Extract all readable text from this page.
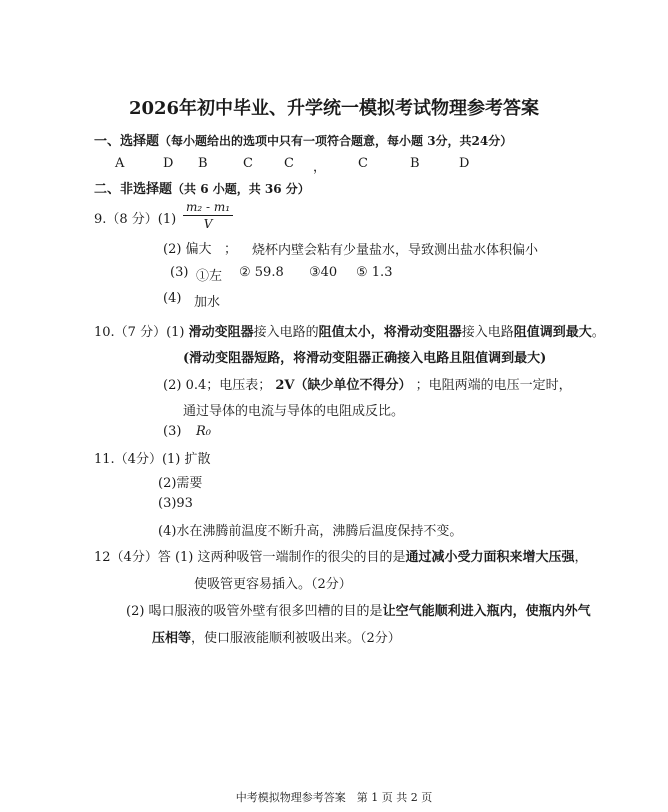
2026年初中毕业、升学统一模拟考试物理参考答案
一、选择题（每小题给出的选项中只有一项符合题意，每小题 3分，共24分）
A	D B	C C ， C	B	D
二、非选择题（共 6 小题，共 36 分）
9.（8 分）$(1) \frac{\text{m₂ - m₁}}{V}$
(2) 偏大 ； 烧杯内壁会粘有少量盐水，导致测出盐水体积偏小
(3) ①左 ② 59.8 ③40 ⑤ 1.3
(4) 加水
10.（7 分）(1) 滑动变阻器接入电路的阻值太小，将滑动变阻器接入电路阻值调到最大。
(滑动变阻器短路，将滑动变阻器正确接入电路且阻值调到最大)
(2) 0.4；电压表； 2V（缺少单位不得分） ；电阻两端的电压一定时，
通过导体的电流与导体的电阻成反比。
(3) R₀
11.（4分）(1) 扩散
(2)需要
(3)93
(4)水在沸腾前温度不断升高，沸腾后温度保持不变。
12（4分）答 (1) 这两种吸管一端制作的很尖的目的是通过减小受力面积来增大压强，
使吸管更容易插入。（2分）
(2) 喝口服液的吸管外壁有很多凹槽的目的是让空气能顺利进入瓶内，使瓶内外气
压相等，使口服液能顺利被吸出来。（2分）
中考模拟物理参考答案　第 1 页 共 2 页
